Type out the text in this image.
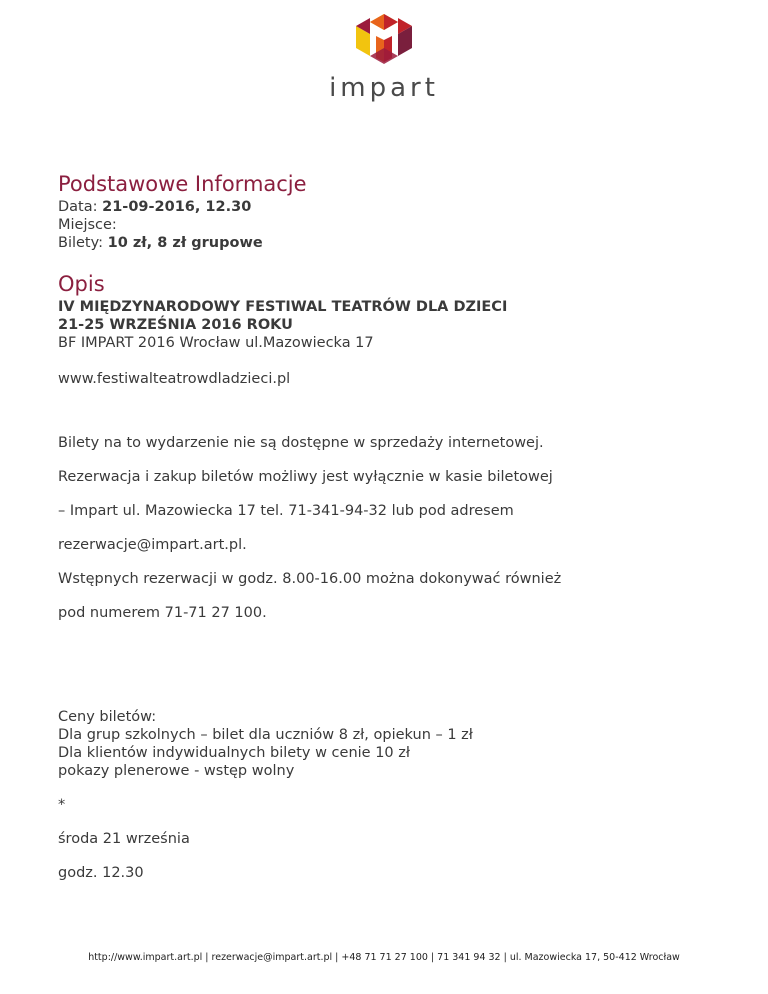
impart
Podstawowe Informacje

Data: 21-09-2016, 12.30

Miejsce:

Bilety: 10 zł, 8 zł grupowe

Opis

IV MIĘDZYNARODOWY FESTIWAL TEATRÓW DLA DZIECI

21-25 WRZEŚNIA 2016 ROKU

BF IMPART 2016 Wrocław ul.Mazowiecka 17

www.festiwalteatrowdladzieci.pl

Bilety na to wydarzenie nie są dostępne w sprzedaży internetowej.

Rezerwacja i zakup biletów możliwy jest wyłącznie w kasie biletowej

– Impart ul. Mazowiecka 17 tel. 71-341-94-32 lub pod adresem

rezerwacje@impart.art.pl.

Wstępnych rezerwacji w godz. 8.00-16.00 można dokonywać również

pod numerem 71-71 27 100.

Ceny biletów:

Dla grup szkolnych – bilet dla uczniów 8 zł, opiekun – 1 zł

Dla klientów indywidualnych bilety w cenie 10 zł

pokazy plenerowe - wstęp wolny

*

środa 21 września

godz. 12.30

http://www.impart.art.pl | rezerwacje@impart.art.pl | +48 71 71 27 100 | 71 341 94 32 | ul. Mazowiecka 17, 50-412 Wrocław
